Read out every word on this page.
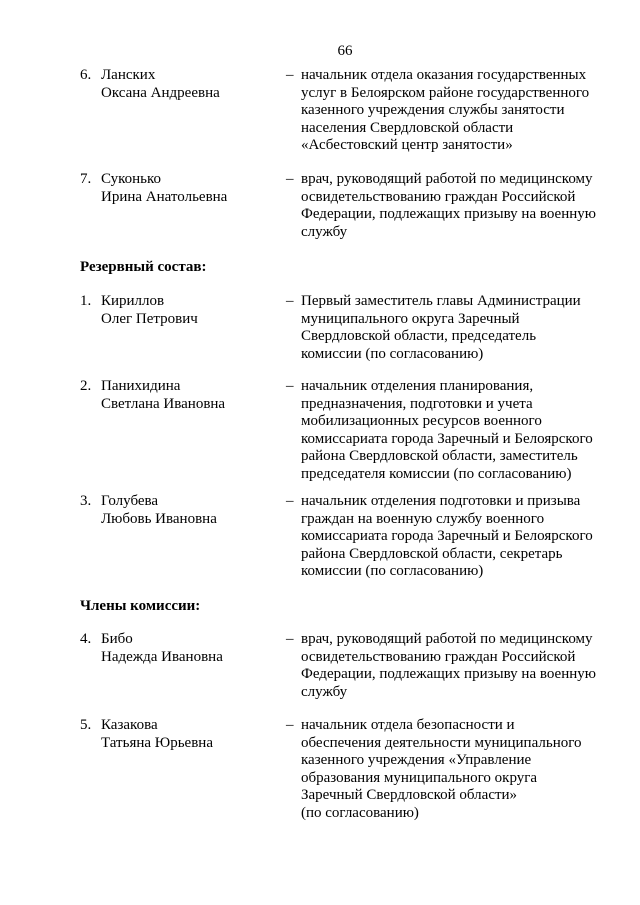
66
6. Ланских
Оксана Андреевна
– начальник отдела оказания государственных
услуг в Белоярском районе государственного
казенного учреждения службы занятости
населения Свердловской области
«Асбестовский центр занятости»
7. Суконько
Ирина Анатольевна
– врач, руководящий работой по медицинскому
освидетельствованию граждан Российской
Федерации, подлежащих призыву на военную
службу
Резервный состав:
1. Кириллов
Олег Петрович
– Первый заместитель главы Администрации
муниципального округа Заречный
Свердловской области, председатель
комиссии (по согласованию)
2. Панихидина
Светлана Ивановна
– начальник отделения планирования,
предназначения, подготовки и учета
мобилизационных ресурсов военного
комиссариата города Заречный и Белоярского
района Свердловской области, заместитель
председателя комиссии (по согласованию)
3. Голубева
Любовь Ивановна
– начальник отделения подготовки и призыва
граждан на военную службу военного
комиссариата города Заречный и Белоярского
района Свердловской области, секретарь
комиссии (по согласованию)
Члены комиссии:
4. Бибо
Надежда Ивановна
– врач, руководящий работой по медицинскому
освидетельствованию граждан Российской
Федерации, подлежащих призыву на военную
службу
5. Казакова
Татьяна Юрьевна
– начальник отдела безопасности и
обеспечения деятельности муниципального
казенного учреждения «Управление
образования муниципального округа
Заречный Свердловской области»
(по согласованию)
